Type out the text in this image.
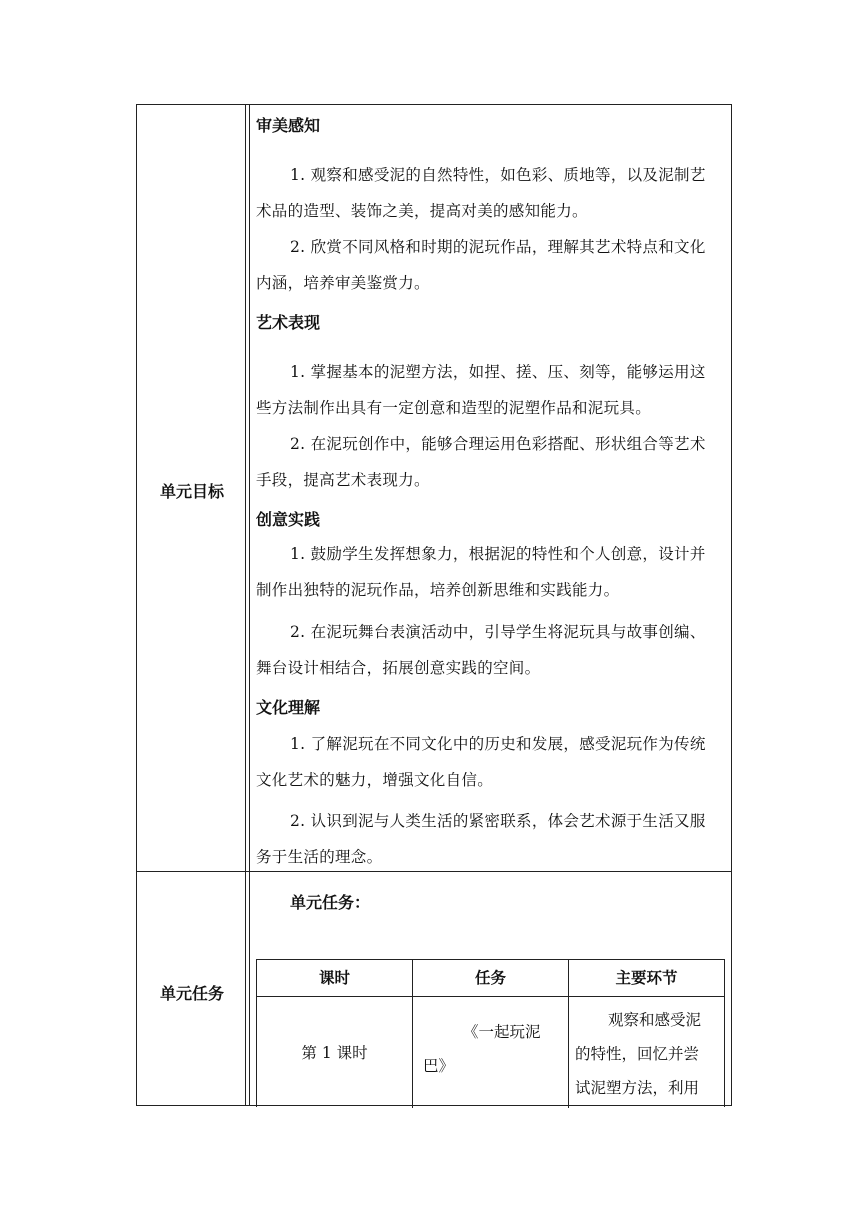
单元目标
审美感知
1. 观察和感受泥的自然特性，如色彩、质地等，以及泥制艺术品的造型、装饰之美，提高对美的感知能力。
2. 欣赏不同风格和时期的泥玩作品，理解其艺术特点和文化内涵，培养审美鉴赏力。
艺术表现
1. 掌握基本的泥塑方法，如捏、搓、压、刻等，能够运用这些方法制作出具有一定创意和造型的泥塑作品和泥玩具。
2. 在泥玩创作中，能够合理运用色彩搭配、形状组合等艺术手段，提高艺术表现力。
创意实践
1. 鼓励学生发挥想象力，根据泥的特性和个人创意，设计并制作出独特的泥玩作品，培养创新思维和实践能力。
2. 在泥玩舞台表演活动中，引导学生将泥玩具与故事创编、舞台设计相结合，拓展创意实践的空间。
文化理解
1. 了解泥玩在不同文化中的历史和发展，感受泥玩作为传统文化艺术的魅力，增强文化自信。
2. 认识到泥与人类生活的紧密联系，体会艺术源于生活又服务于生活的理念。
单元任务
单元任务：
课时	任务	主要环节
第 1 课时
《一起玩泥
巴》
观察和感受泥
的特性，回忆并尝
试泥塑方法，利用
